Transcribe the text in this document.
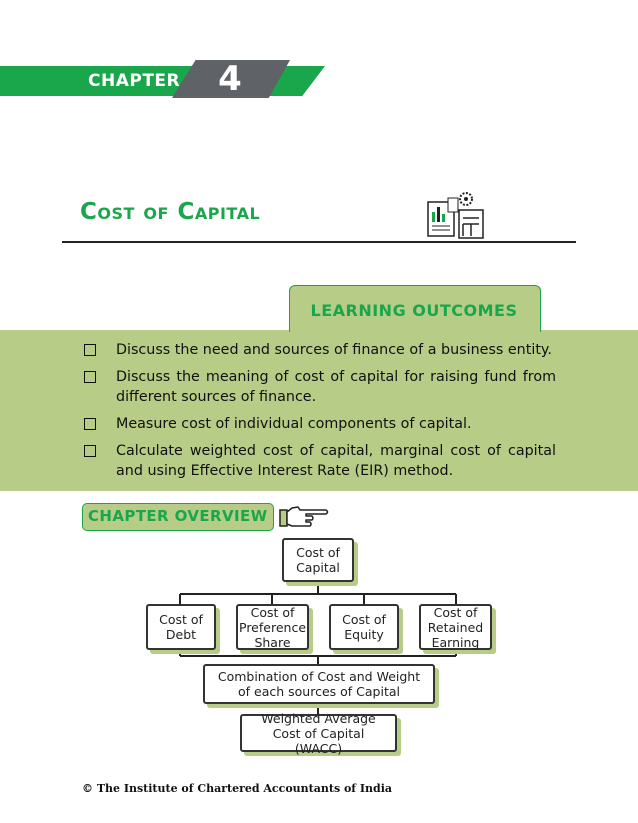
CHAPTER 4
Cost of Capital
LEARNING OUTCOMES
Discuss the need and sources of finance of a business entity.
Discuss the meaning of cost of capital for raising fund from different sources of finance.
Measure cost of individual components of capital.
Calculate weighted cost of capital, marginal cost of capital and using Effective Interest Rate (EIR) method.
CHAPTER OVERVIEW
Cost of Capital
Cost of Debt
Cost of Preference Share
Cost of Equity
Cost of Retained Earning
Combination of Cost and Weight of each sources of Capital
Weighted Average Cost of Capital (WACC)
© The Institute of Chartered Accountants of India
